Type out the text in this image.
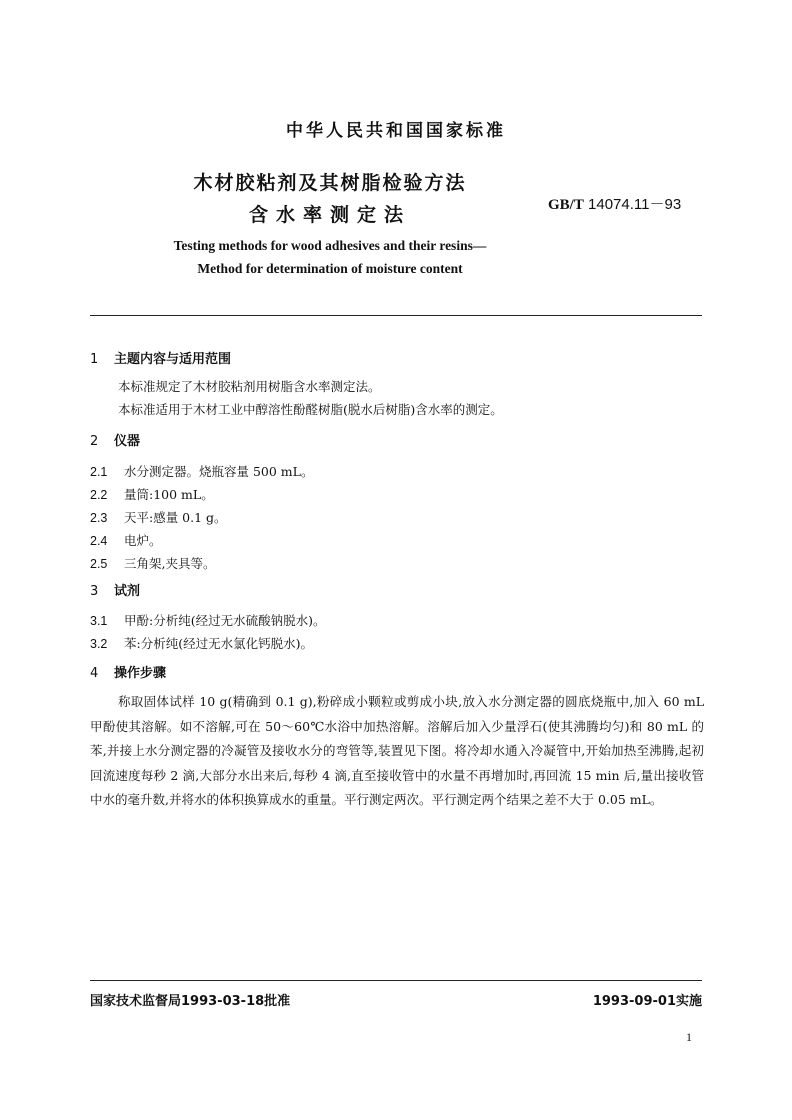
中华人民共和国国家标准
木材胶粘剂及其树脂检验方法
含水率测定法	GB/T 14074.11－93
Testing methods for wood adhesives and their resins—
Method for determination of moisture content
1 主题内容与适用范围
本标准规定了木材胶粘剂用树脂含水率测定法。
本标准适用于木材工业中醇溶性酚醛树脂(脱水后树脂)含水率的测定。
2 仪器
2.1 水分测定器。烧瓶容量 500 mL。
2.2 量筒:100 mL。
2.3 天平:感量 0.1 g。
2.4 电炉。
2.5 三角架,夹具等。
3 试剂
3.1 甲酚:分析纯(经过无水硫酸钠脱水)。
3.2 苯:分析纯(经过无水氯化钙脱水)。
4 操作步骤

称取固体试样 10 g(精确到 0.1 g),粉碎成小颗粒或剪成小块,放入水分测定器的圆底烧瓶中,加入 60 mL 甲酚使其溶解。如不溶解,可在 50～60℃水浴中加热溶解。溶解后加入少量浮石(使其沸腾均匀)和 80 mL 的苯,并接上水分测定器的冷凝管及接收水分的弯管等,装置见下图。将冷却水通入冷凝管中,开始加热至沸腾,起初回流速度每秒 2 滴,大部分水出来后,每秒 4 滴,直至接收管中的水量不再增加时,再回流 15 min 后,量出接收管中水的毫升数,并将水的体积换算成水的重量。平行测定两次。平行测定两个结果之差不大于 0.05 mL。

国家技术监督局1993-03-18批准	1993-09-01实施
1
